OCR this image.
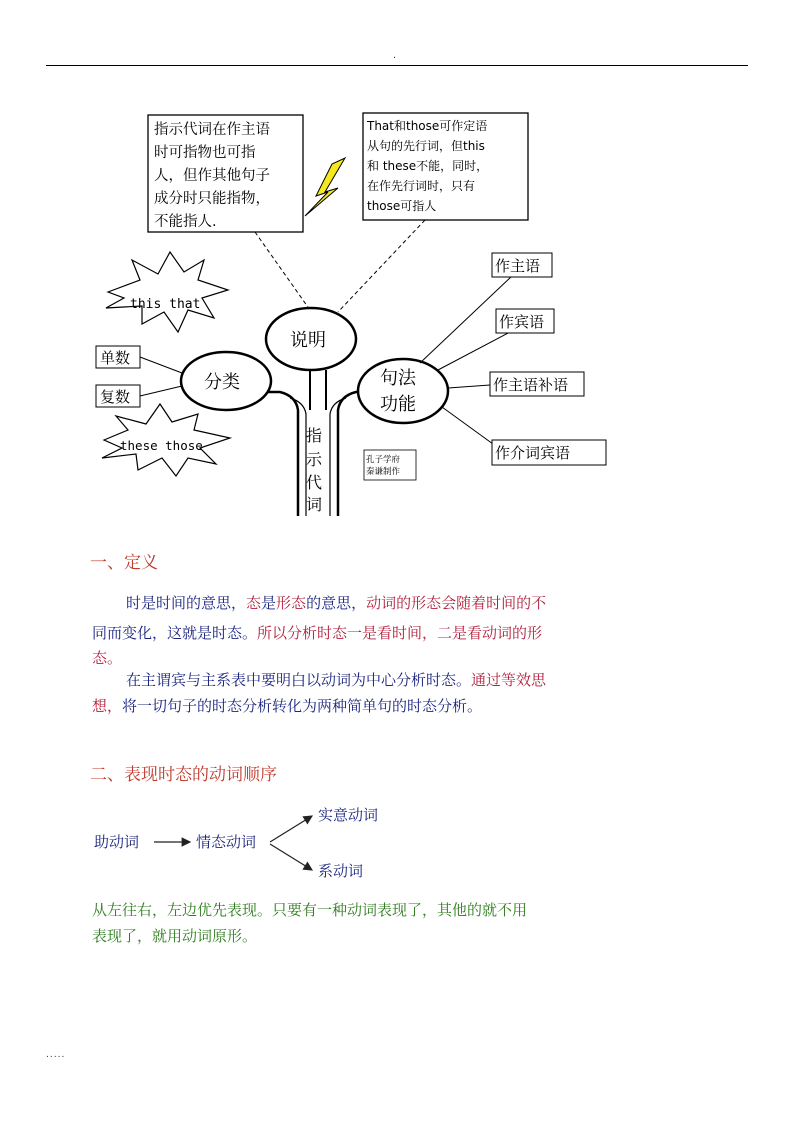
.
指示代词在作主语
时可指物也可指
人，但作其他句子
成分时只能指物，
不能指人.
That和those可作定语
从句的先行词，但this
和 these不能，同时，
在作先行词时，只有
those可指人
this that
these those
单数
复数
指
示
代
词
分类
说明
句法
功能
孔子学府
秦谦制作
作主语
作宾语
作主语补语
作介词宾语
一、定义
时是时间的意思，态是形态的意思，动词的形态会随着时间的不
同而变化，这就是时态。所以分析时态一是看时间，二是看动词的形
态。
在主谓宾与主系表中要明白以动词为中心分析时态。通过等效思
想，将一切句子的时态分析转化为两种简单句的时态分析。
二、表现时态的动词顺序
助动词	情态动词
实意动词
系动词
从左往右，左边优先表现。只要有一种动词表现了，其他的就不用
表现了，就用动词原形。
.....
